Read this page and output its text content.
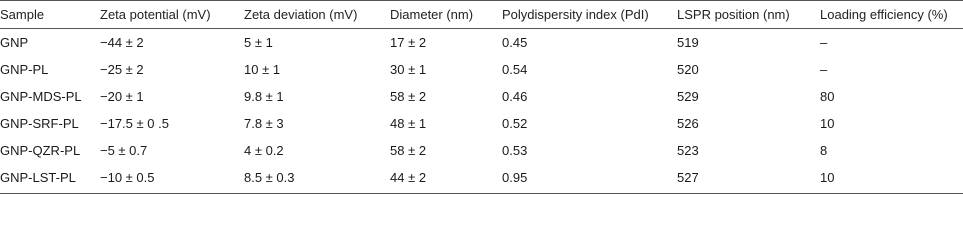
Sample	Zeta potential (mV)	Zeta deviation (mV)	Diameter (nm)	Polydispersity index (PdI)	LSPR position (nm)	Loading efficiency (%)
GNP	−44 ± 2	5 ± 1	17 ± 2	0.45	519	–
GNP-PL	−25 ± 2	10 ± 1	30 ± 1	0.54	520	–
GNP-MDS-PL	−20 ± 1	9.8 ± 1	58 ± 2	0.46	529	80
GNP-SRF-PL	−17.5 ± 0 .5	7.8 ± 3	48 ± 1	0.52	526	10
GNP-QZR-PL	−5 ± 0.7	4 ± 0.2	58 ± 2	0.53	523	8
GNP-LST-PL	−10 ± 0.5	8.5 ± 0.3	44 ± 2	0.95	527	10
